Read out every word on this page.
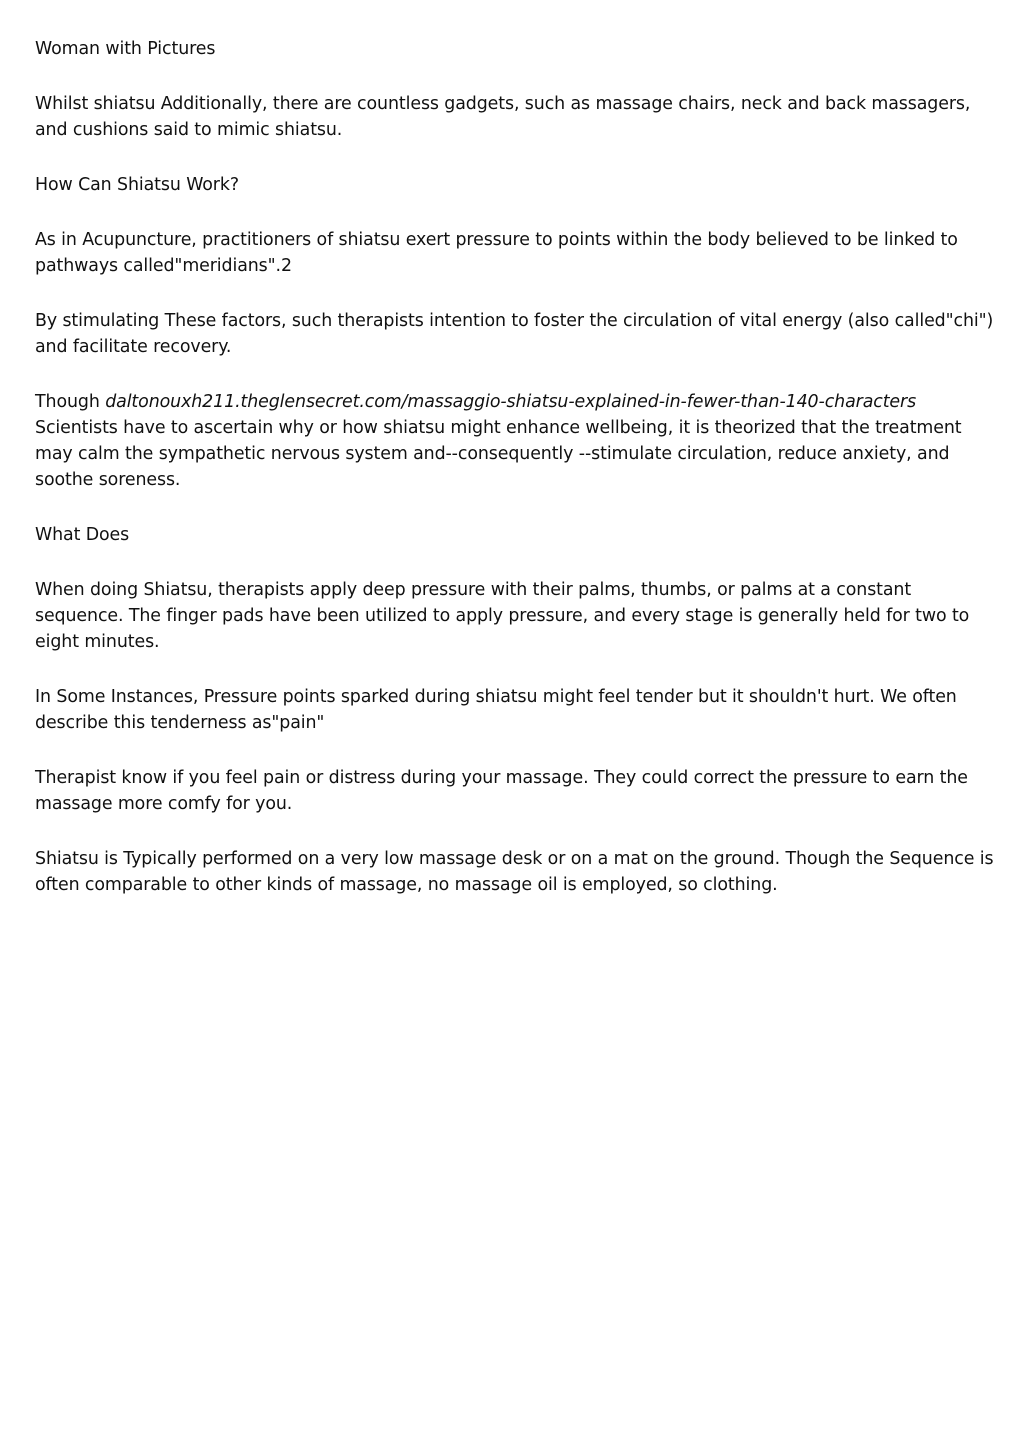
Woman with Pictures

Whilst shiatsu Additionally, there are countless gadgets, such as massage chairs, neck and back massagers, and cushions said to mimic shiatsu.

How Can Shiatsu Work?

As in Acupuncture, practitioners of shiatsu exert pressure to points within the body believed to be linked to pathways called"meridians".2

By stimulating These factors, such therapists intention to foster the circulation of vital energy (also called"chi") and facilitate recovery.

Though daltonouxh211.theglensecret.com/massaggio-shiatsu-explained-in-fewer-than-140-characters Scientists have to ascertain why or how shiatsu might enhance wellbeing, it is theorized that the treatment may calm the sympathetic nervous system and--consequently --stimulate circulation, reduce anxiety, and soothe soreness.

What Does

When doing Shiatsu, therapists apply deep pressure with their palms, thumbs, or palms at a constant sequence. The finger pads have been utilized to apply pressure, and every stage is generally held for two to eight minutes.

In Some Instances, Pressure points sparked during shiatsu might feel tender but it shouldn't hurt. We often describe this tenderness as"pain"

Therapist know if you feel pain or distress during your massage. They could correct the pressure to earn the massage more comfy for you.

Shiatsu is Typically performed on a very low massage desk or on a mat on the ground. Though the Sequence is often comparable to other kinds of massage, no massage oil is employed, so clothing.
